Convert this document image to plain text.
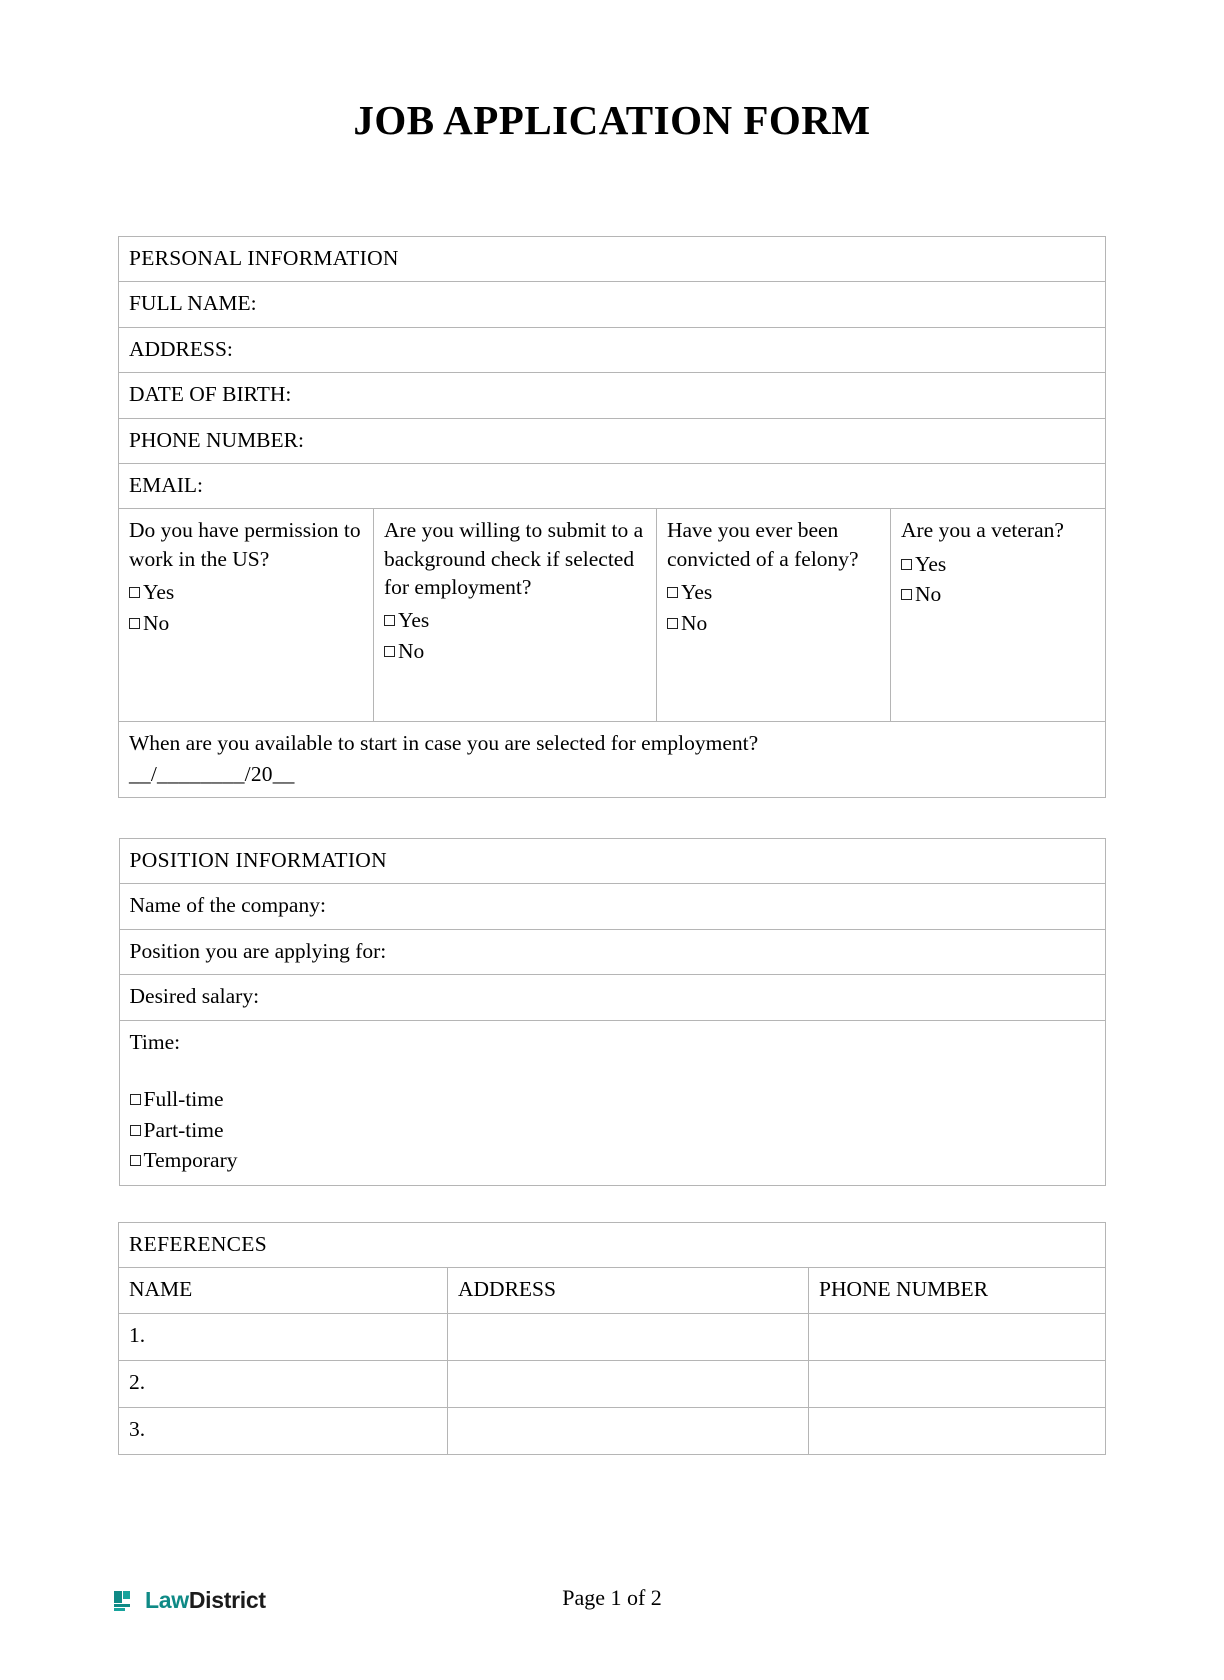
JOB APPLICATION FORM
PERSONAL INFORMATION
FULL NAME:
ADDRESS:
DATE OF BIRTH:
PHONE NUMBER:
EMAIL:

Do you have permission to work in the US?
Yes
No

Are you willing to submit to a background check if selected for employment?
Yes
No

Have you ever been convicted of a felony?
Yes
No

Are you a veteran?
Yes
No

When are you available to start in case you are selected for employment?
__/________/20__
POSITION INFORMATION
Name of the company:
Position you are applying for:
Desired salary:

Time:
Full-time
Part-time
Temporary
REFERENCES		
NAME	ADDRESS	PHONE NUMBER
1.		
2.		
3.		
LawDistrict	Page 1 of 2
